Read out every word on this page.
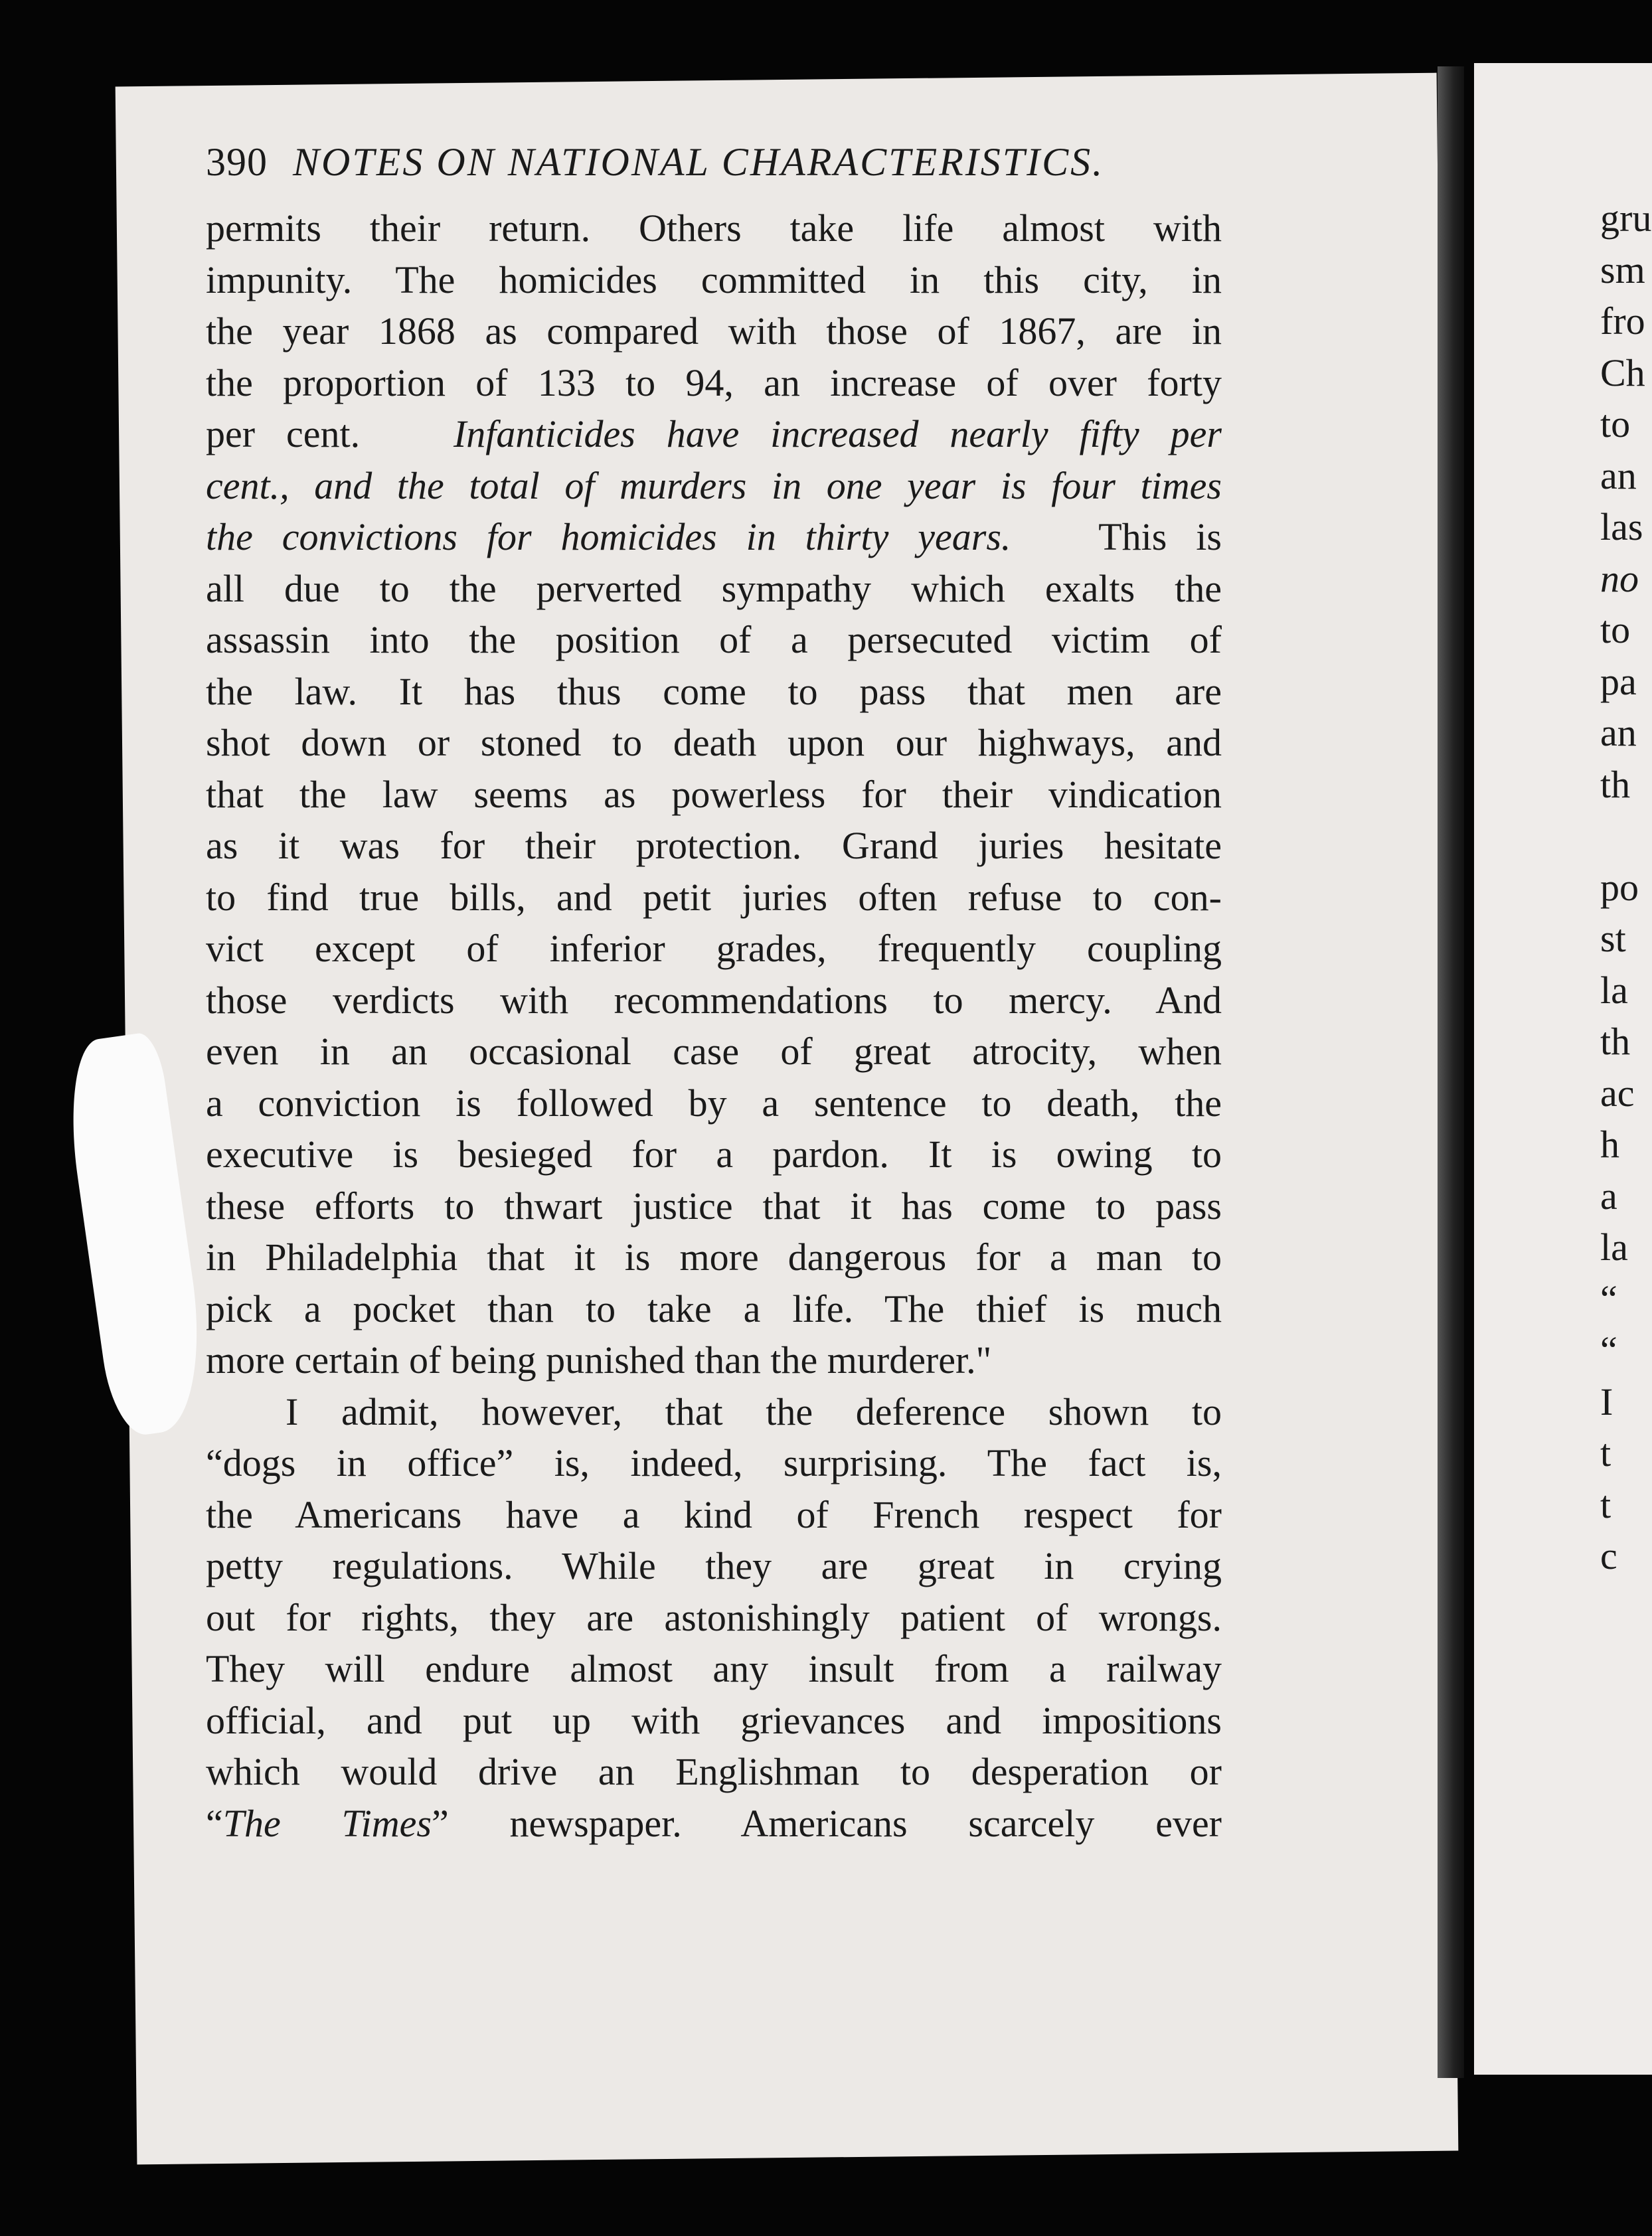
390 NOTES ON NATIONAL CHARACTERISTICS.
permits their return. Others take life almost with
impunity. The homicides committed in this city, in
the year 1868 as compared with those of 1867, are in
the proportion of 133 to 94, an increase of over forty
per cent. Infanticides have increased nearly fifty per
cent., and the total of murders in one year is four times
the convictions for homicides in thirty years. This is
all due to the perverted sympathy which exalts the
assassin into the position of a persecuted victim of
the law. It has thus come to pass that men are
shot down or stoned to death upon our highways, and
that the law seems as powerless for their vindication
as it was for their protection. Grand juries hesitate
to find true bills, and petit juries often refuse to con-
vict except of inferior grades, frequently coupling
those verdicts with recommendations to mercy. And
even in an occasional case of great atrocity, when
a conviction is followed by a sentence to death, the
executive is besieged for a pardon. It is owing to
these efforts to thwart justice that it has come to pass
in Philadelphia that it is more dangerous for a man to
pick a pocket than to take a life. The thief is much
more certain of being punished than the murderer."
I admit, however, that the deference shown to
“dogs in office” is, indeed, surprising. The fact is,
the Americans have a kind of French respect for
petty regulations. While they are great in crying
out for rights, they are astonishingly patient of wrongs.
They will endure almost any insult from a railway
official, and put up with grievances and impositions
which would drive an Englishman to desperation or
“The Times” newspaper. Americans scarcely ever
gru
sm
fro
Ch
to
an
las
no
to
pa
an
th
po
st
la
th
ac
h
a
la
“
“
I
t
t
c
